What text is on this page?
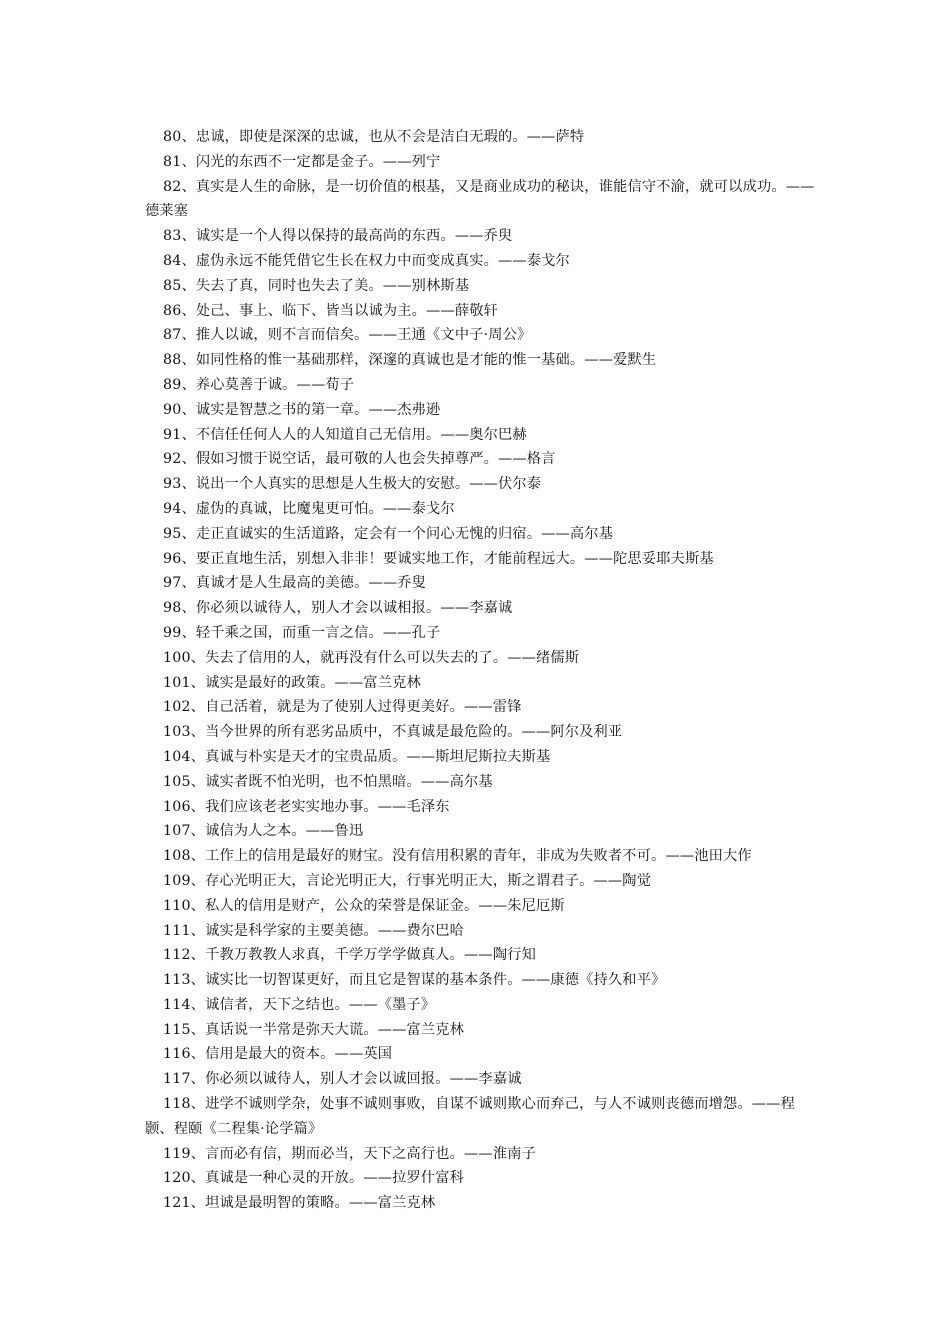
80、忠诚，即使是深深的忠诚，也从不会是洁白无瑕的。——萨特

81、闪光的东西不一定都是金子。——列宁

82、真实是人生的命脉，是一切价值的根基，又是商业成功的秘诀，谁能信守不渝，就可以成功。——德莱塞

83、诚实是一个人得以保持的最高尚的东西。——乔臾

84、虚伪永远不能凭借它生长在权力中而变成真实。——泰戈尔

85、失去了真，同时也失去了美。——别林斯基

86、处己、事上、临下、皆当以诚为主。——薛敬轩

87、推人以诚，则不言而信矣。——王通《文中子·周公》

88、如同性格的惟一基础那样，深邃的真诚也是才能的惟一基础。——爱默生

89、养心莫善于诚。——荀子

90、诚实是智慧之书的第一章。——杰弗逊

91、不信任任何人人的人知道自己无信用。——奥尔巴赫

92、假如习惯于说空话，最可敬的人也会失掉尊严。——格言

93、说出一个人真实的思想是人生极大的安慰。——伏尔泰

94、虚伪的真诚，比魔鬼更可怕。——泰戈尔

95、走正直诚实的生活道路，定会有一个问心无愧的归宿。——高尔基

96、要正直地生活，别想入非非！要诚实地工作，才能前程远大。——陀思妥耶夫斯基

97、真诚才是人生最高的美德。——乔叟

98、你必须以诚待人，别人才会以诚相报。——李嘉诚

99、轻千乘之国，而重一言之信。——孔子

100、失去了信用的人，就再没有什么可以失去的了。——绪儒斯

101、诚实是最好的政策。——富兰克林

102、自己活着，就是为了使别人过得更美好。——雷锋

103、当今世界的所有恶劣品质中，不真诚是最危险的。——阿尔及利亚

104、真诚与朴实是天才的宝贵品质。——斯坦尼斯拉夫斯基

105、诚实者既不怕光明，也不怕黑暗。——高尔基

106、我们应该老老实实地办事。——毛泽东

107、诚信为人之本。——鲁迅

108、工作上的信用是最好的财宝。没有信用积累的青年，非成为失败者不可。——池田大作

109、存心光明正大，言论光明正大，行事光明正大，斯之谓君子。——陶觉

110、私人的信用是财产，公众的荣誉是保证金。——朱尼厄斯

111、诚实是科学家的主要美德。——费尔巴哈

112、千教万教教人求真，千学万学学做真人。——陶行知

113、诚实比一切智谋更好，而且它是智谋的基本条件。——康德《持久和平》

114、诚信者，天下之结也。——《墨子》

115、真话说一半常是弥天大谎。——富兰克林

116、信用是最大的资本。——英国

117、你必须以诚待人，别人才会以诚回报。——李嘉诚

118、进学不诚则学杂，处事不诚则事败，自谋不诚则欺心而弃己，与人不诚则丧德而增怨。——程颢、程颐《二程集·论学篇》

119、言而必有信，期而必当，天下之高行也。——淮南子

120、真诚是一种心灵的开放。——拉罗什富科

121、坦诚是最明智的策略。——富兰克林
